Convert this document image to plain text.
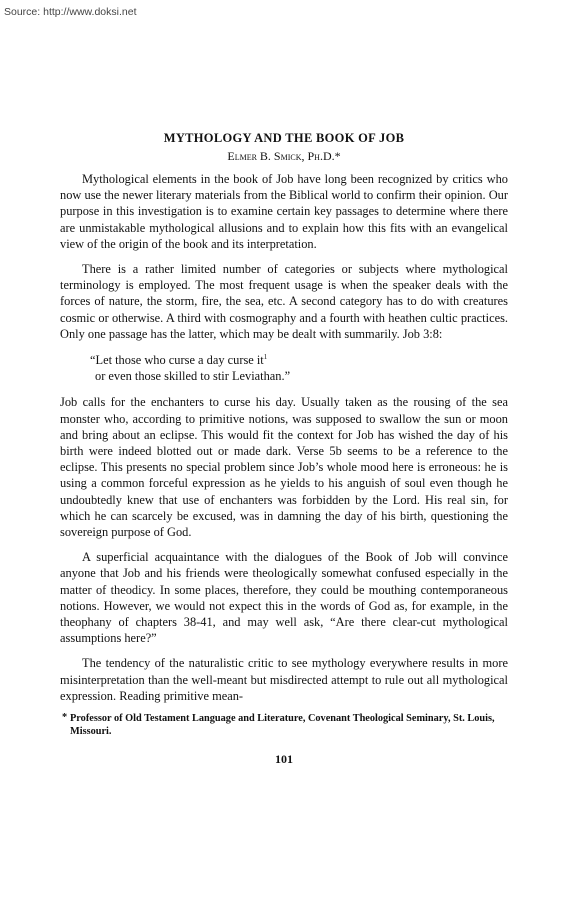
Source: http://www.doksi.net
MYTHOLOGY AND THE BOOK OF JOB
Elmer B. Smick, Ph.D.*

Mythological elements in the book of Job have long been recognized by critics who now use the newer literary materials from the Biblical world to confirm their opinion. Our purpose in this investigation is to examine certain key passages to determine where there are unmistakable mythological allusions and to explain how this fits with an evangelical view of the origin of the book and its interpretation.

There is a rather limited number of categories or subjects where mythological terminology is employed. The most frequent usage is when the speaker deals with the forces of nature, the storm, fire, the sea, etc. A second category has to do with creatures cosmic or otherwise. A third with cosmography and a fourth with heathen cultic practices. Only one passage has the latter, which may be dealt with summarily. Job 3:8:

“Let those who curse a day curse $it^1$
or even those skilled to stir Leviathan.”

Job calls for the enchanters to curse his day. Usually taken as the rousing of the sea monster who, according to primitive notions, was supposed to swallow the sun or moon and bring about an eclipse. This would fit the context for Job has wished the day of his birth were indeed blotted out or made dark. Verse 5b seems to be a reference to the eclipse. This presents no special problem since Job’s whole mood here is erroneous: he is using a common forceful expression as he yields to his anguish of soul even though he undoubtedly knew that use of enchanters was forbidden by the Lord. His real sin, for which he can scarcely be excused, was in damning the day of his birth, questioning the sovereign purpose of God.

A superficial acquaintance with the dialogues of the Book of Job will convince anyone that Job and his friends were theologically somewhat confused especially in the matter of theodicy. In some places, therefore, they could be mouthing contemporaneous notions. However, we would not expect this in the words of God as, for example, in the theophany of chapters 38-41, and may well ask, “Are there clear-cut mythological assumptions here?”

The tendency of the naturalistic critic to see mythology everywhere results in more misinterpretation than the well-meant but misdirected attempt to rule out all mythological expression. Reading primitive mean-

* Professor of Old Testament Language and Literature, Covenant Theological Seminary, St. Louis, Missouri.
101
